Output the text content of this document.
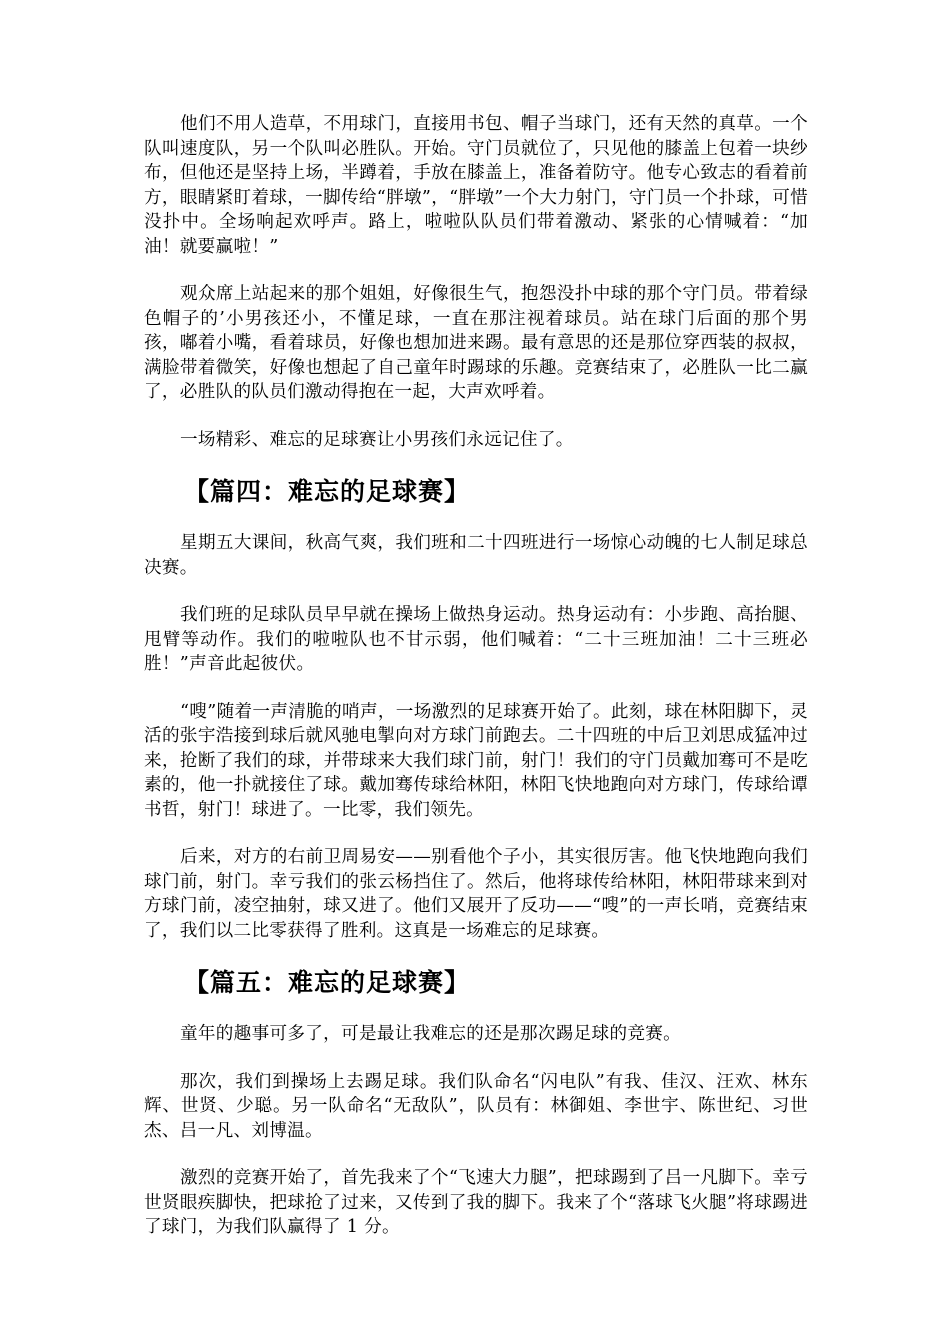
他们不用人造草，不用球门，直接用书包、帽子当球门，还有天然的真草。一个队叫速度队，另一个队叫必胜队。开始。守门员就位了，只见他的膝盖上包着一块纱布，但他还是坚持上场，半蹲着，手放在膝盖上，准备着防守。他专心致志的看着前方，眼睛紧盯着球，一脚传给“胖墩”，“胖墩”一个大力射门，守门员一个扑球，可惜没扑中。全场响起欢呼声。路上，啦啦队队员们带着激动、紧张的心情喊着：“加油！就要赢啦！”

观众席上站起来的那个姐姐，好像很生气，抱怨没扑中球的那个守门员。带着绿色帽子的’小男孩还小，不懂足球，一直在那注视着球员。站在球门后面的那个男孩，嘟着小嘴，看着球员，好像也想加进来踢。最有意思的还是那位穿西装的叔叔，满脸带着微笑，好像也想起了自己童年时踢球的乐趣。竞赛结束了，必胜队一比二赢了，必胜队的队员们激动得抱在一起，大声欢呼着。

一场精彩、难忘的足球赛让小男孩们永远记住了。

【篇四：难忘的足球赛】

星期五大课间，秋高气爽，我们班和二十四班进行一场惊心动魄的七人制足球总决赛。

我们班的足球队员早早就在操场上做热身运动。热身运动有：小步跑、高抬腿、甩臂等动作。我们的啦啦队也不甘示弱，他们喊着：“二十三班加油！二十三班必胜！”声音此起彼伏。

“嗖”随着一声清脆的哨声，一场激烈的足球赛开始了。此刻，球在林阳脚下，灵活的张宇浩接到球后就风驰电掣向对方球门前跑去。二十四班的中后卫刘思成猛冲过来，抢断了我们的球，并带球来大我们球门前，射门！我们的守门员戴加骞可不是吃素的，他一扑就接住了球。戴加骞传球给林阳，林阳飞快地跑向对方球门，传球给谭书哲，射门！球进了。一比零，我们领先。

后来，对方的右前卫周易安——别看他个子小，其实很厉害。他飞快地跑向我们球门前，射门。幸亏我们的张云杨挡住了。然后，他将球传给林阳，林阳带球来到对方球门前，凌空抽射，球又进了。他们又展开了反功——“嗖”的一声长哨，竞赛结束了，我们以二比零获得了胜利。这真是一场难忘的足球赛。

【篇五：难忘的足球赛】

童年的趣事可多了，可是最让我难忘的还是那次踢足球的竞赛。

那次，我们到操场上去踢足球。我们队命名“闪电队”有我、佳汉、汪欢、林东辉、世贤、少聪。另一队命名“无敌队”，队员有：林御姐、李世宇、陈世纪、习世杰、吕一凡、刘博温。

激烈的竞赛开始了，首先我来了个“飞速大力腿”，把球踢到了吕一凡脚下。幸亏世贤眼疾脚快，把球抢了过来，又传到了我的脚下。我来了个“落球飞火腿”将球踢进了球门，为我们队赢得了 1 分。
